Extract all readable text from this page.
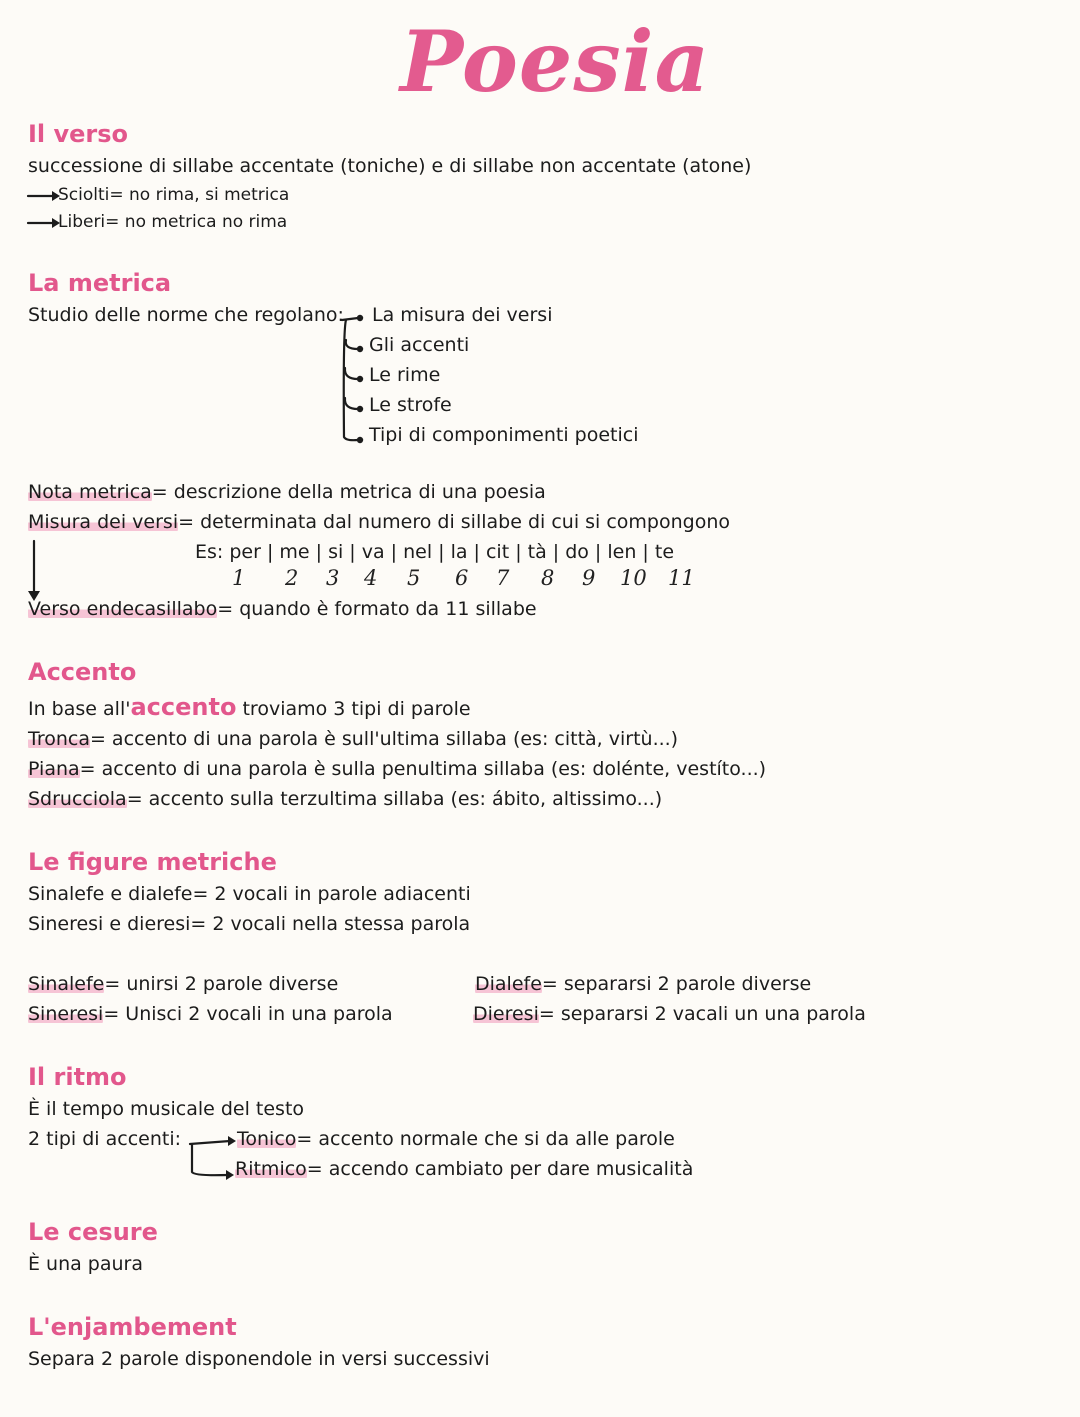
Poesia
Il verso
successione di sillabe accentate (toniche) e di sillabe non accentate (atone)
Sciolti= no rima, si metrica
Liberi= no metrica no rima
La metrica
Studio delle norme che regolano: La misura dei versi
Gli accenti
Le rime
Le strofe
Tipi di componimenti poetici
Nota metrica= descrizione della metrica di una poesia
Misura dei versi= determinata dal numero di sillabe di cui si compongono
Es: per | me | si | va | nel | la | cit | tà | do | len | te
1 2 3 4 5 6 7 8 9 10 11
Verso endecasillabo= quando è formato da 11 sillabe
Accento
In base all'accento troviamo 3 tipi di parole
Tronca= accento di una parola è sull'ultima sillaba (es: città, virtù...)
Piana= accento di una parola è sulla penultima sillaba (es: dolénte, vestíto...)
Sdrucciola= accento sulla terzultima sillaba (es: ábito, altissimo...)
Le figure metriche
Sinalefe e dialefe= 2 vocali in parole adiacenti
Sineresi e dieresi= 2 vocali nella stessa parola
Sinalefe= unirsi 2 parole diverse
Sineresi= Unisci 2 vocali in una parola
Dialefe= separarsi 2 parole diverse
Dieresi= separarsi 2 vacali un una parola
Il ritmo
È il tempo musicale del testo
2 tipi di accenti:	Tonico= accento normale che si da alle parole
Ritmico= accendo cambiato per dare musicalità
Le cesure
È una paura
L'enjambement
Separa 2 parole disponendole in versi successivi
